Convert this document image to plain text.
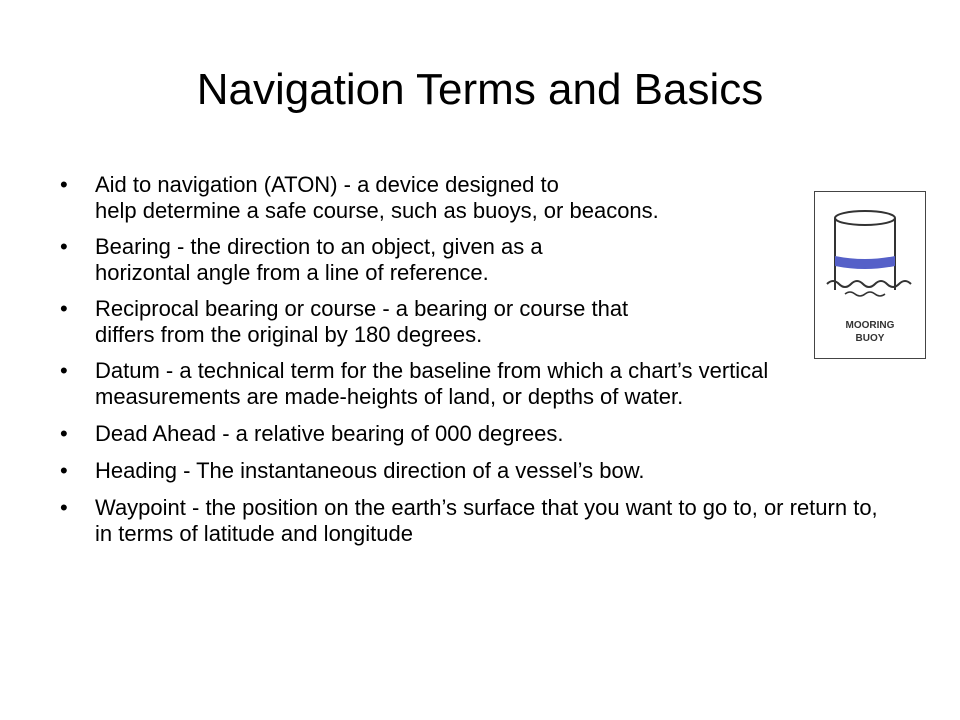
Navigation Terms and Basics
• Aid to navigation (ATON) - a device designed to
help determine a safe course, such as buoys, or beacons.
• Bearing - the direction to an object, given as a
horizontal angle from a line of reference.
• Reciprocal bearing or course - a bearing or course that
differs from the original by 180 degrees.
• Datum - a technical term for the baseline from which a chart’s vertical measurements are made-heights of land, or depths of water.
• Dead Ahead - a relative bearing of 000 degrees.
• Heading - The instantaneous direction of a vessel’s bow.
• Waypoint - the position on the earth’s surface that you want to go to, or return to, in terms of latitude and longitude
MOORING
BUOY
